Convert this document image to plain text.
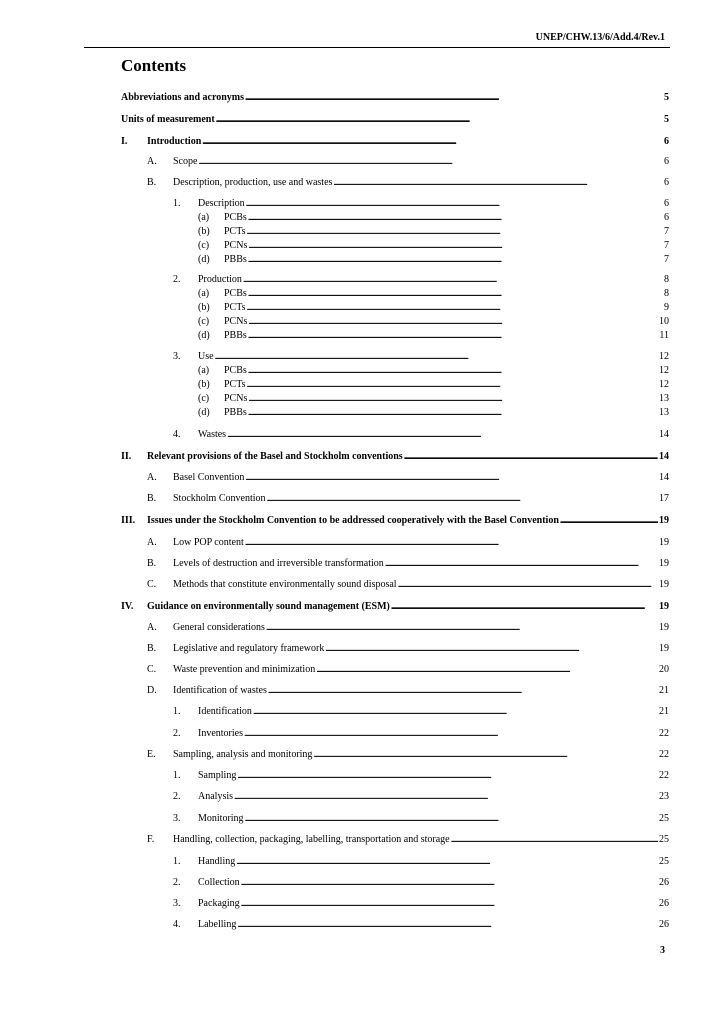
UNEP/CHW.13/6/Add.4/Rev.1
Contents
Abbreviations and acronyms . . .	5
Units of measurement . . .	5
I.	Introduction . . .	6
A.	Scope . . .	6
B.	Description, production, use and wastes . . .	6
1.	Description . . .	6
(a)	PCBs . . .	6
(b)	PCTs . . .	7
(c)	PCNs . . .	7
(d)	PBBs . . .	7
2.	Production . . .	8
(a)	PCBs . . .	8
(b)	PCTs . . .	9
(c)	PCNs . . .	10
(d)	PBBs . . .	11
3.	Use . . .	12
(a)	PCBs . . .	12
(b)	PCTs . . .	12
(c)	PCNs . . .	13
(d)	PBBs . . .	13
4.	Wastes . . .	14
II.	Relevant provisions of the Basel and Stockholm conventions . . .	14
A.	Basel Convention . . .	14
B.	Stockholm Convention . . .	17
III.	Issues under the Stockholm Convention to be addressed cooperatively with the Basel Convention . . .	19
A.	Low POP content . . .	19
B.	Levels of destruction and irreversible transformation . . .	19
C.	Methods that constitute environmentally sound disposal . . .	19
IV.	Guidance on environmentally sound management (ESM) . . .	19
A.	General considerations . . .	19
B.	Legislative and regulatory framework . . .	19
C.	Waste prevention and minimization . . .	20
D.	Identification of wastes . . .	21
1.	Identification . . .	21
2.	Inventories . . .	22
E.	Sampling, analysis and monitoring . . .	22
1.	Sampling . . .	22
2.	Analysis . . .	23
3.	Monitoring . . .	25
F.	Handling, collection, packaging, labelling, transportation and storage . . .	25
1.	Handling . . .	25
2.	Collection . . .	26
3.	Packaging . . .	26
4.	Labelling . . .	26
3
